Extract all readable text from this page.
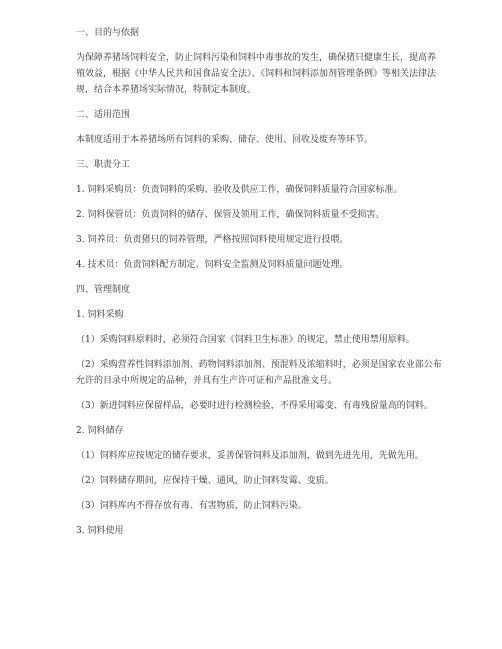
一、目的与依据

为保障养猪场饲料安全，防止饲料污染和饲料中毒事故的发生，确保猪只健康生长，提高养殖效益，根据《中华人民共和国食品安全法》、《饲料和饲料添加剂管理条例》等相关法律法规，结合本养猪场实际情况，特制定本制度。

二、适用范围

本制度适用于本养猪场所有饲料的采购、储存、使用、回收及废弃等环节。

三、职责分工

1. 饲料采购员：负责饲料的采购、验收及供应工作，确保饲料质量符合国家标准。

2. 饲料保管员：负责饲料的储存、保管及领用工作，确保饲料质量不受损害。

3. 饲养员：负责猪只的饲养管理，严格按照饲料使用规定进行投喂。

4. 技术员：负责饲料配方制定、饲料安全监测及饲料质量问题处理。

四、管理制度

1. 饲料采购

（1）采购饲料原料时，必须符合国家《饲料卫生标准》的规定，禁止使用禁用原料。

（2）采购营养性饲料添加剂、药物饲料添加剂、预混料及浓缩料时，必须是国家农业部公布允许的目录中所规定的品种，并具有生产许可证和产品批准文号。

（3）新进饲料应保留样品，必要时进行检测检验，不得采用霉变、有毒残留量高的饲料。

2. 饲料储存

（1）饲料库应按规定的储存要求，妥善保管饲料及添加剂，做到先进先用，先做先用。

（2）饲料储存期间，应保持干燥、通风，防止饲料发霉、变质。

（3）饲料库内不得存放有毒、有害物质，防止饲料污染。

3. 饲料使用
